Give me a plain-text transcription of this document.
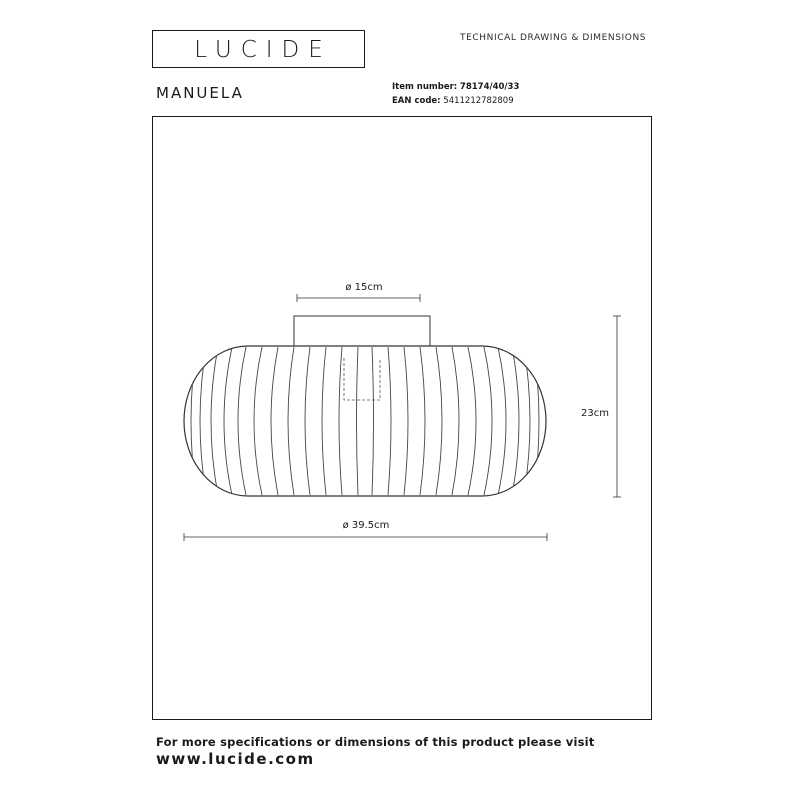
LUCIDE	TECHNICAL DRAWING & DIMENSIONS
MANUELA	Item number: 78174/40/33
EAN code: 5411212782809
ø 15cm
23cm
ø 39.5cm
For more specifications or dimensions of this product please visit
www.lucide.com
